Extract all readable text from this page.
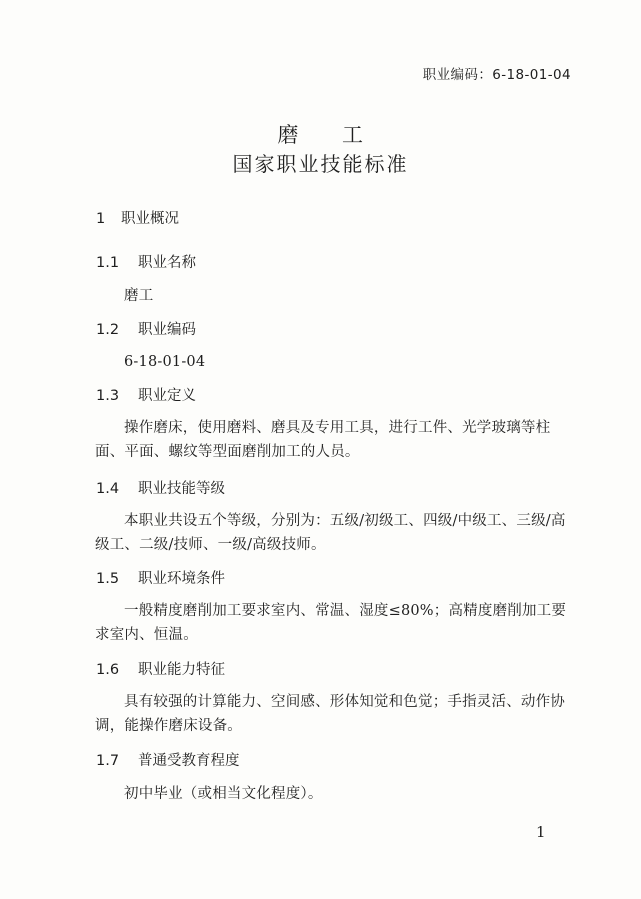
职业编码：6-18-01-04
磨　　工
国家职业技能标准
1 职业概况
1.1 职业名称

磨工

1.2 职业编码

6-18-01-04

1.3 职业定义

操作磨床，使用磨料、磨具及专用工具，进行工件、光学玻璃等柱面、平面、螺纹等型面磨削加工的人员。

1.4 职业技能等级

本职业共设五个等级，分别为：五级/初级工、四级/中级工、三级/高级工、二级/技师、一级/高级技师。

1.5 职业环境条件

一般精度磨削加工要求室内、常温、湿度≤80%；高精度磨削加工要求室内、恒温。

1.6 职业能力特征

具有较强的计算能力、空间感、形体知觉和色觉；手指灵活、动作协调，能操作磨床设备。

1.7 普通受教育程度

初中毕业（或相当文化程度）。

1
